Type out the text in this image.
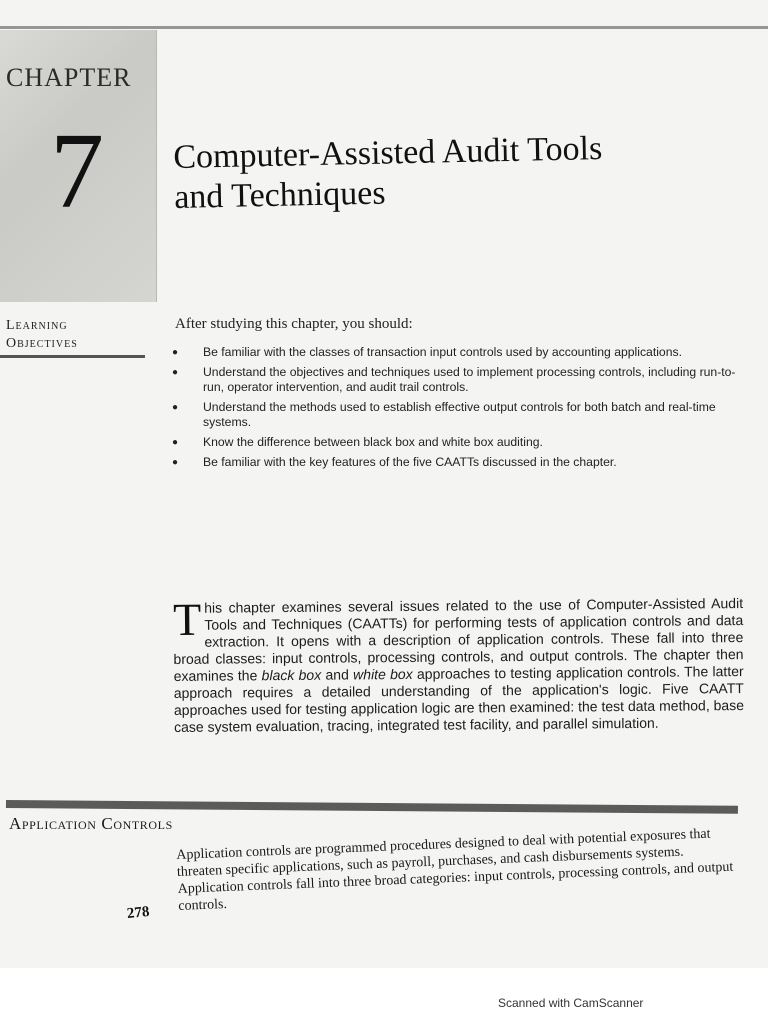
CHAPTER
7 Computer-Assisted Audit Tools
and Techniques
Learning
Objectives
After studying this chapter, you should:
● Be familiar with the classes of transaction input controls used by accounting applications.
● Understand the objectives and techniques used to implement processing controls, including run-to-run, operator intervention, and audit trail controls.
● Understand the methods used to establish effective output controls for both batch and real-time systems.
● Know the difference between black box and white box auditing.
● Be familiar with the key features of the five CAATTs discussed in the chapter.
This chapter examines several issues related to the use of Computer-Assisted Audit Tools and Techniques (CAATTs) for performing tests of application controls and data extraction. It opens with a description of application controls. These fall into three broad classes: input controls, processing controls, and output controls. The chapter then examines the black box and white box approaches to testing application controls. The latter approach requires a detailed understanding of the application's logic. Five CAATT approaches used for testing application logic are then examined: the test data method, base case system evaluation, tracing, integrated test facility, and parallel simulation.
Application Controls
Application controls are programmed procedures designed to deal with potential exposures that threaten specific applications, such as payroll, purchases, and cash disbursements systems. Application controls fall into three broad categories: input controls, processing controls, and output controls.
278
Scanned with CamScanner
